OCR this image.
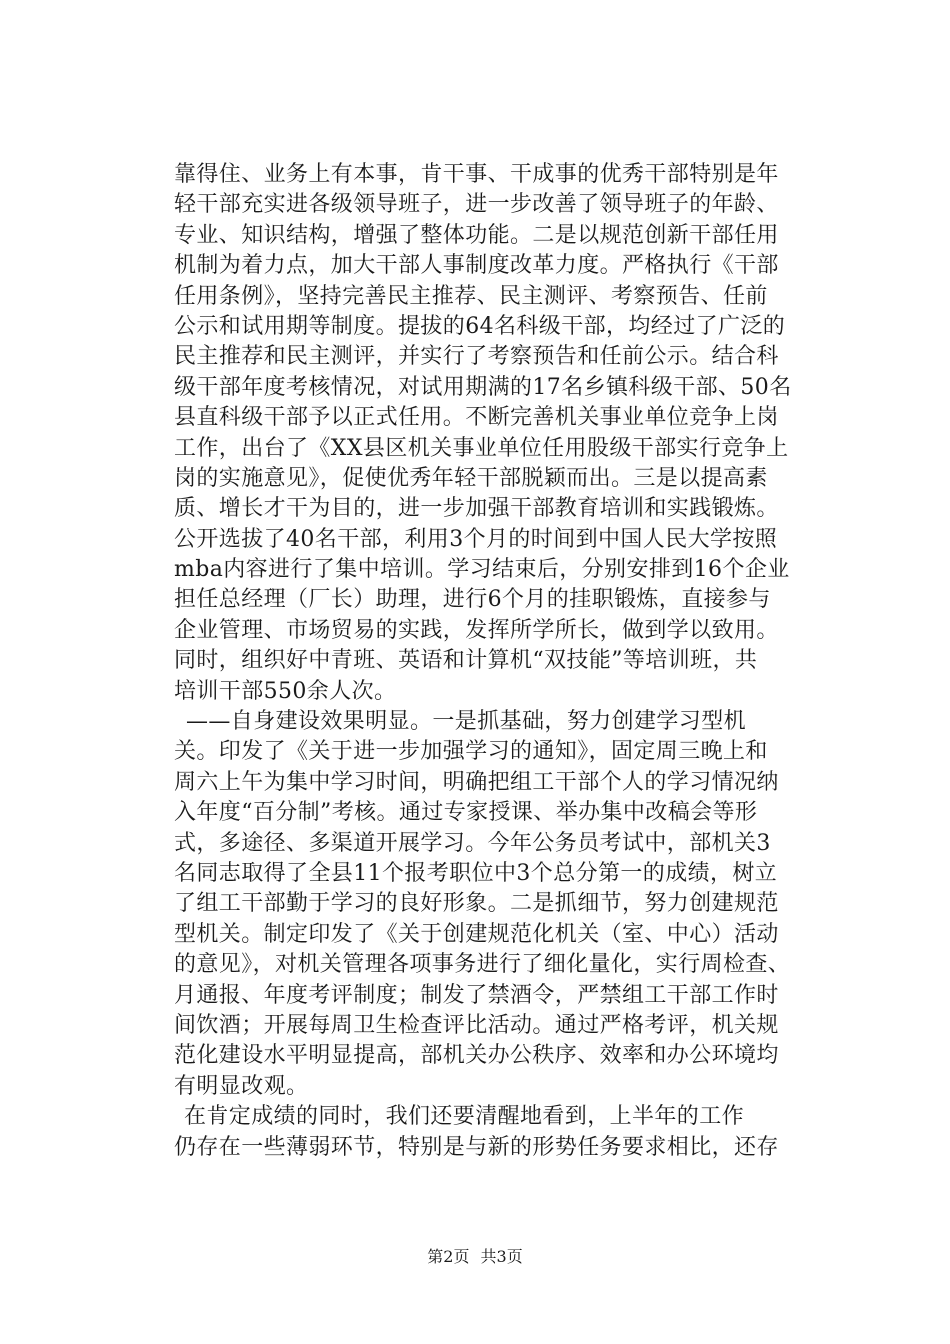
靠得住、业务上有本事，肯干事、干成事的优秀干部特别是年
轻干部充实进各级领导班子，进一步改善了领导班子的年龄、
专业、知识结构，增强了整体功能。二是以规范创新干部任用
机制为着力点，加大干部人事制度改革力度。严格执行《干部
任用条例》，坚持完善民主推荐、民主测评、考察预告、任前
公示和试用期等制度。提拔的64名科级干部，均经过了广泛的
民主推荐和民主测评，并实行了考察预告和任前公示。结合科
级干部年度考核情况，对试用期满的17名乡镇科级干部、50名
县直科级干部予以正式任用。不断完善机关事业单位竞争上岗
工作，出台了《XX县区机关事业单位任用股级干部实行竞争上
岗的实施意见》，促使优秀年轻干部脱颖而出。三是以提高素
质、增长才干为目的，进一步加强干部教育培训和实践锻炼。
公开选拔了40名干部，利用3个月的时间到中国人民大学按照
mba内容进行了集中培训。学习结束后，分别安排到16个企业
担任总经理（厂长）助理，进行6个月的挂职锻炼，直接参与
企业管理、市场贸易的实践，发挥所学所长，做到学以致用。
同时，组织好中青班、英语和计算机“双技能”等培训班，共
培训干部550余人次。
——自身建设效果明显。一是抓基础，努力创建学习型机
关。印发了《关于进一步加强学习的通知》，固定周三晚上和
周六上午为集中学习时间，明确把组工干部个人的学习情况纳
入年度“百分制”考核。通过专家授课、举办集中改稿会等形
式，多途径、多渠道开展学习。今年公务员考试中，部机关3
名同志取得了全县11个报考职位中3个总分第一的成绩，树立
了组工干部勤于学习的良好形象。二是抓细节，努力创建规范
型机关。制定印发了《关于创建规范化机关（室、中心）活动
的意见》，对机关管理各项事务进行了细化量化，实行周检查、
月通报、年度考评制度；制发了禁酒令，严禁组工干部工作时
间饮酒；开展每周卫生检查评比活动。通过严格考评，机关规
范化建设水平明显提高，部机关办公秩序、效率和办公环境均
有明显改观。
在肯定成绩的同时，我们还要清醒地看到，上半年的工作
仍存在一些薄弱环节，特别是与新的形势任务要求相比，还存
第2页 共3页
